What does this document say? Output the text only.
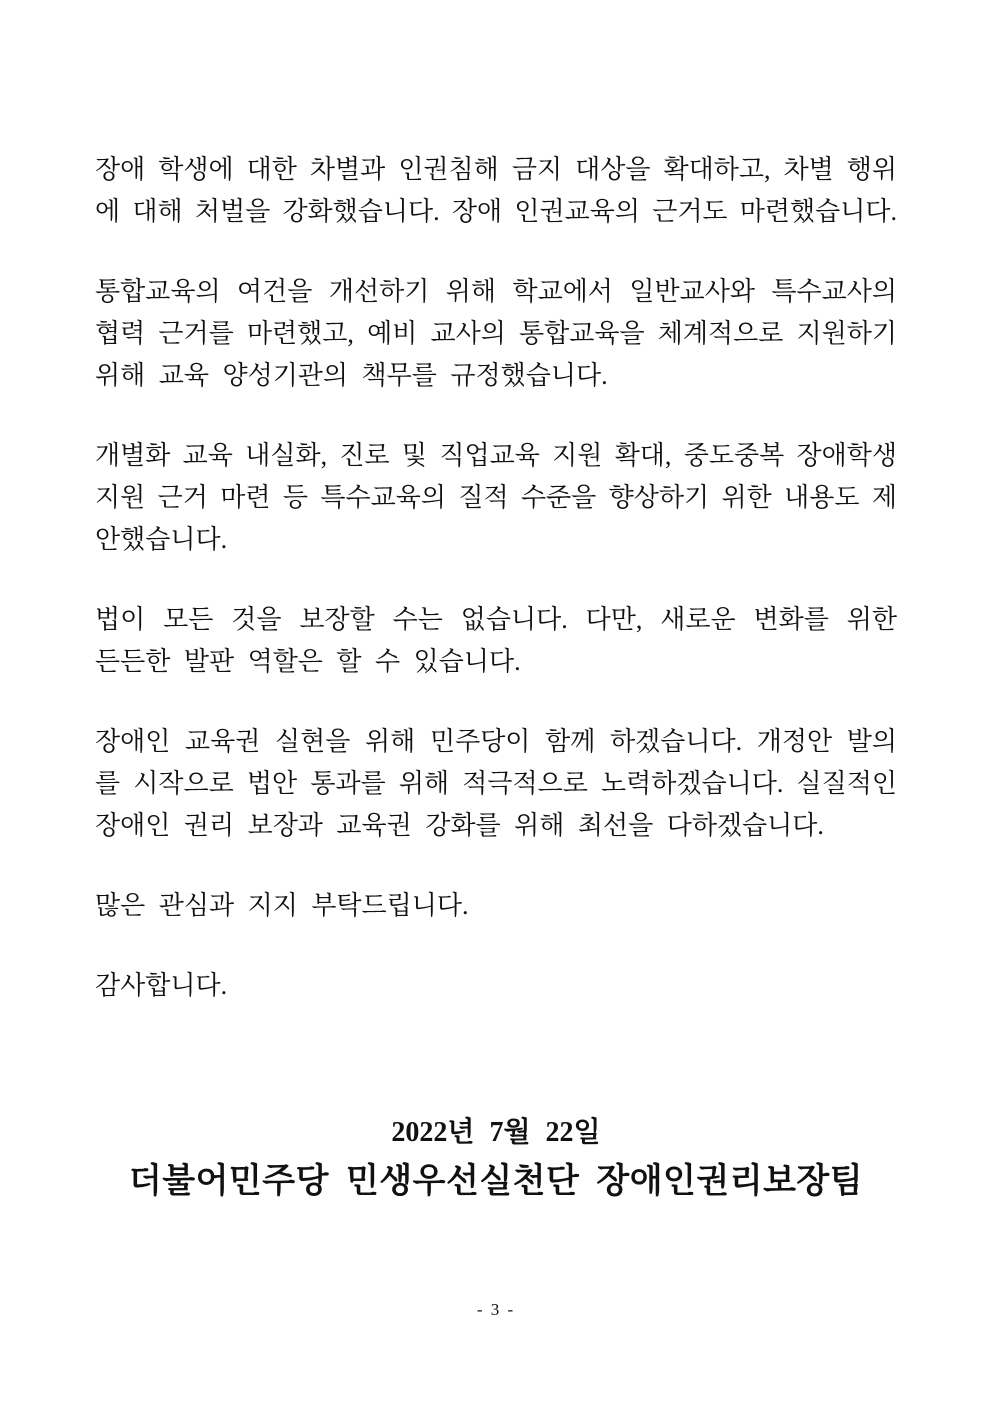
장애 학생에 대한 차별과 인권침해 금지 대상을 확대하고, 차별 행위
에 대해 처벌을 강화했습니다. 장애 인권교육의 근거도 마련했습니다.
통합교육의 여건을 개선하기 위해 학교에서 일반교사와 특수교사의
협력 근거를 마련했고, 예비 교사의 통합교육을 체계적으로 지원하기
위해 교육 양성기관의 책무를 규정했습니다.
개별화 교육 내실화, 진로 및 직업교육 지원 확대, 중도중복 장애학생
지원 근거 마련 등 특수교육의 질적 수준을 향상하기 위한 내용도 제
안했습니다.
법이 모든 것을 보장할 수는 없습니다. 다만, 새로운 변화를 위한
든든한 발판 역할은 할 수 있습니다.
장애인 교육권 실현을 위해 민주당이 함께 하겠습니다. 개정안 발의
를 시작으로 법안 통과를 위해 적극적으로 노력하겠습니다. 실질적인
장애인 권리 보장과 교육권 강화를 위해 최선을 다하겠습니다.
많은 관심과 지지 부탁드립니다.
감사합니다.
2022년 7월 22일
더불어민주당 민생우선실천단 장애인권리보장팀
- 3 -
